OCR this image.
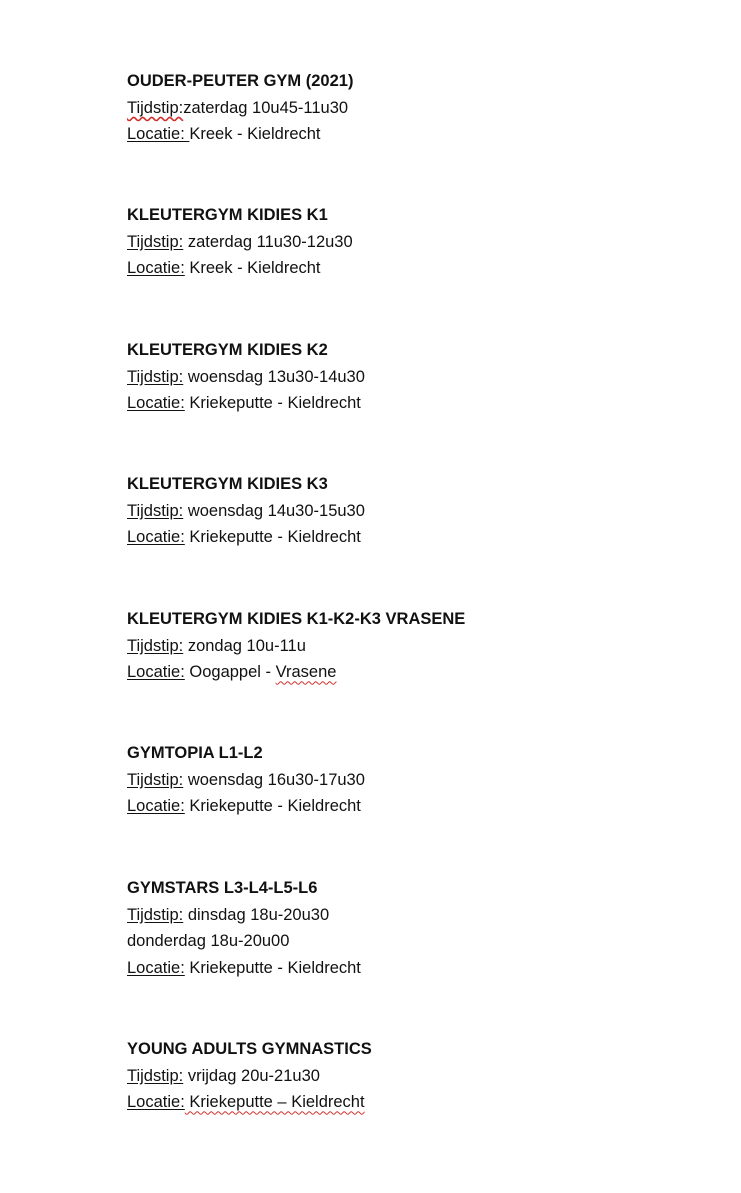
OUDER-PEUTER GYM (2021)
Tijdstip:zaterdag 10u45-11u30
Locatie: Kreek - Kieldrecht
KLEUTERGYM KIDIES K1
Tijdstip: zaterdag 11u30-12u30
Locatie: Kreek - Kieldrecht
KLEUTERGYM KIDIES K2
Tijdstip: woensdag 13u30-14u30
Locatie: Kriekeputte - Kieldrecht
KLEUTERGYM KIDIES K3
Tijdstip: woensdag 14u30-15u30
Locatie: Kriekeputte - Kieldrecht
KLEUTERGYM KIDIES K1-K2-K3 VRASENE
Tijdstip: zondag 10u-11u
Locatie: Oogappel - Vrasene
GYMTOPIA L1-L2
Tijdstip: woensdag 16u30-17u30
Locatie: Kriekeputte - Kieldrecht
GYMSTARS L3-L4-L5-L6
Tijdstip: dinsdag 18u-20u30
donderdag 18u-20u00
Locatie: Kriekeputte - Kieldrecht
YOUNG ADULTS GYMNASTICS
Tijdstip: vrijdag 20u-21u30
Locatie: Kriekeputte – Kieldrecht
